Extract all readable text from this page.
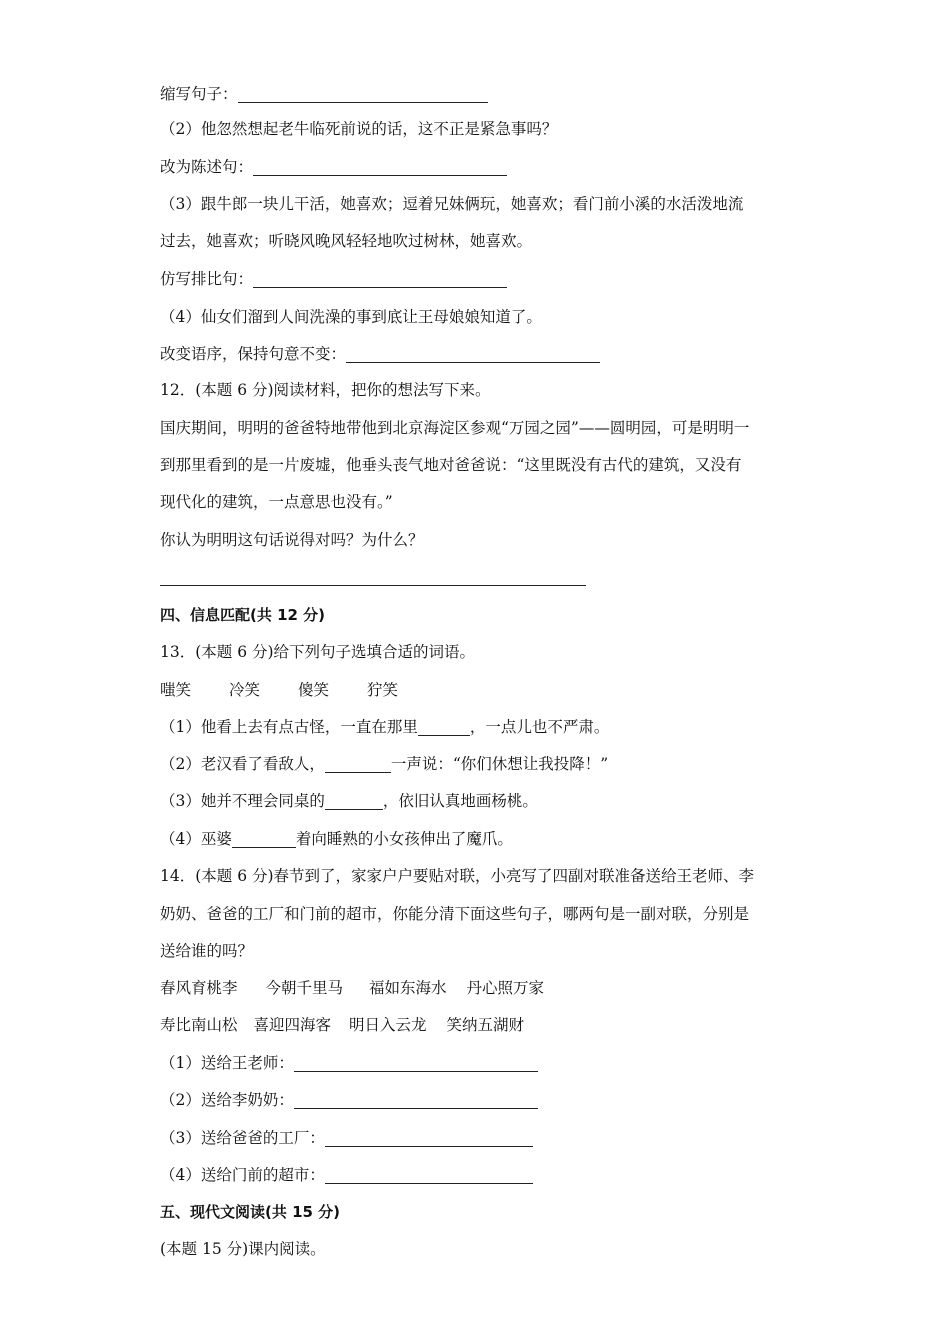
缩写句子：
（2）他忽然想起老牛临死前说的话，这不正是紧急事吗？
改为陈述句：
（3）跟牛郎一块儿干活，她喜欢；逗着兄妹俩玩，她喜欢；看门前小溪的水活泼地流
过去，她喜欢；听晓风晚风轻轻地吹过树林，她喜欢。
仿写排比句：
（4）仙女们溜到人间洗澡的事到底让王母娘娘知道了。
改变语序，保持句意不变：
12．(本题 6 分)阅读材料，把你的想法写下来。
国庆期间，明明的爸爸特地带他到北京海淀区参观“万园之园”——圆明园，可是明明一
到那里看到的是一片废墟，他垂头丧气地对爸爸说：“这里既没有古代的建筑，又没有
现代化的建筑，一点意思也没有。”
你认为明明这句话说得对吗？为什么？
四、信息匹配(共 12 分)
13．(本题 6 分)给下列句子选填合适的词语。
嗤笑 冷笑 傻笑 狞笑
（1）他看上去有点古怪，一直在那里	，一点儿也不严肃。
（2）老汉看了看敌人，	一声说：“你们休想让我投降！”
（3）她并不理会同桌的	，依旧认真地画杨桃。
（4）巫婆	着向睡熟的小女孩伸出了魔爪。
14．(本题 6 分)春节到了，家家户户要贴对联，小亮写了四副对联准备送给王老师、李
奶奶、爸爸的工厂和门前的超市，你能分清下面这些句子，哪两句是一副对联，分别是
送给谁的吗？
春风育桃李 今朝千里马 福如东海水 丹心照万家
寿比南山松 喜迎四海客 明日入云龙 笑纳五湖财
（1）送给王老师：
（2）送给李奶奶：
（3）送给爸爸的工厂：
（4）送给门前的超市：
五、现代文阅读(共 15 分)
(本题 15 分)课内阅读。
